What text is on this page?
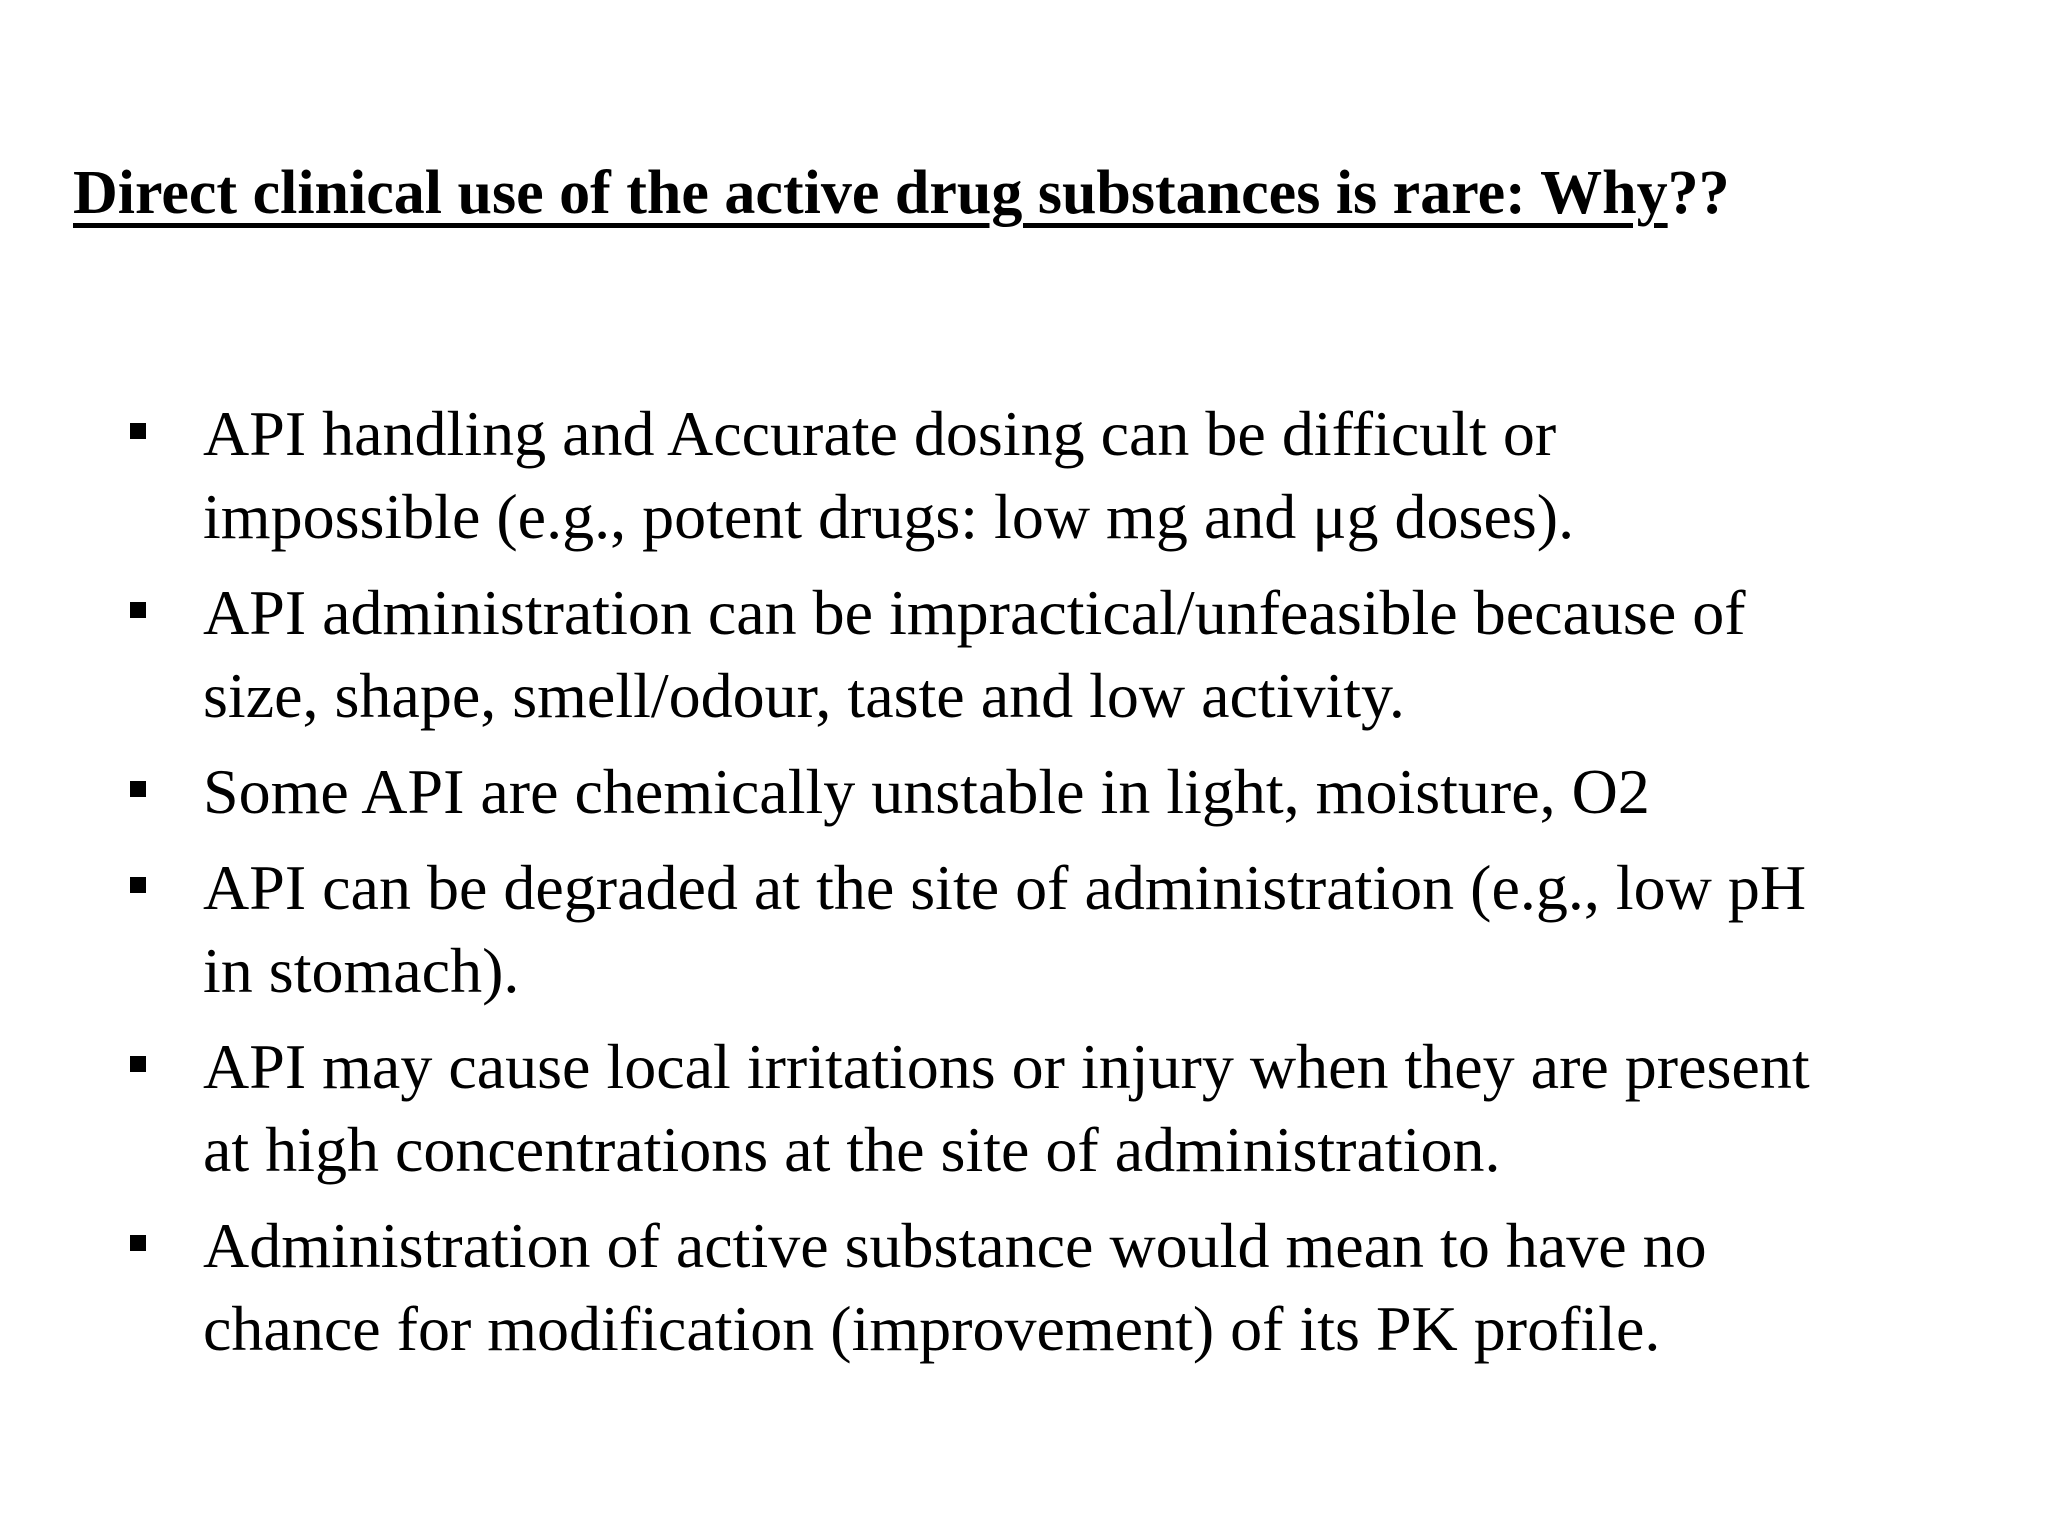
Direct clinical use of the active drug substances is rare: Why??
API handling and Accurate dosing can be difficult or
impossible (e.g., potent drugs: low mg and μg doses).
API administration can be impractical/unfeasible because of
size, shape, smell/odour, taste and low activity.
Some API are chemically unstable in light, moisture, O2
API can be degraded at the site of administration (e.g., low pH
in stomach).
API may cause local irritations or injury when they are present
at high concentrations at the site of administration.
Administration of active substance would mean to have no
chance for modification (improvement) of its PK profile.
